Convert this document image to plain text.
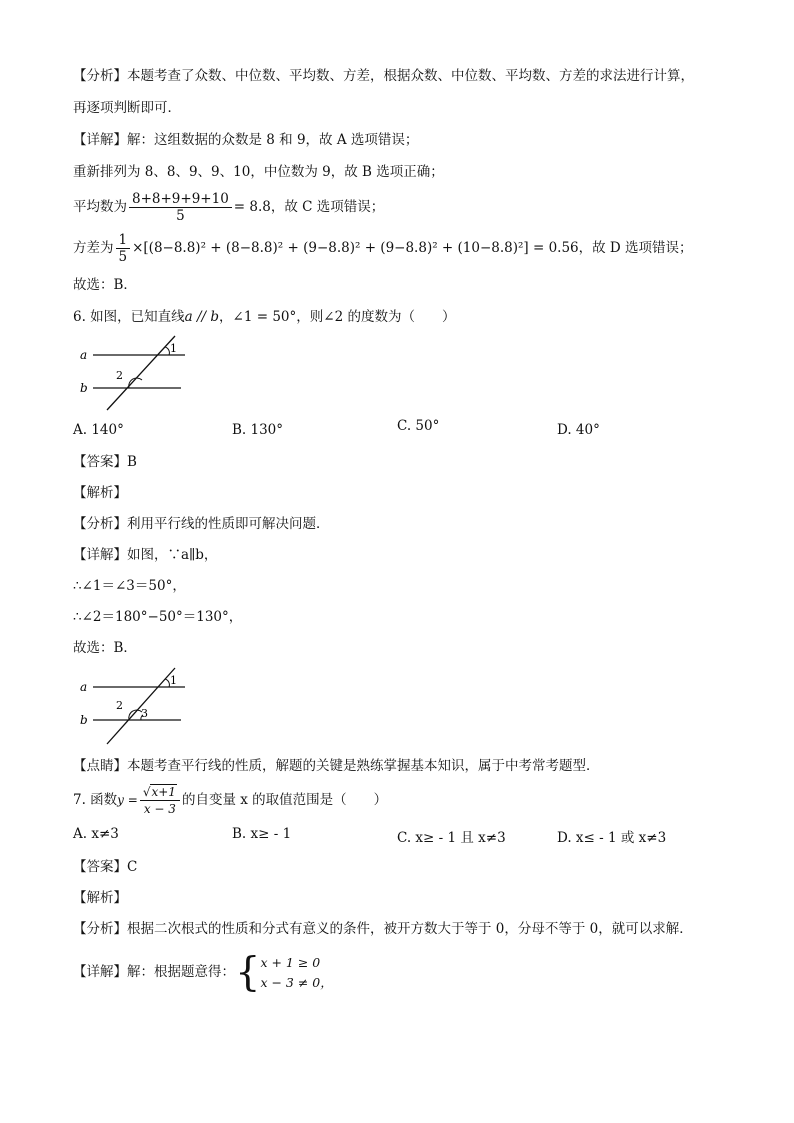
【分析】本题考查了众数、中位数、平均数、方差，根据众数、中位数、平均数、方差的求法进行计算，
再逐项判断即可．
【详解】解：这组数据的众数是 8 和 9，故 A 选项错误；
重新排列为 8、8、9、9、10，中位数为 9，故 B 选项正确；
平均数为 $\frac{8+8+9+9+10}{5} = 8.8$，故 C 选项错误；
方差为 $\frac{1}{5} \times[(8-8.8)^2 + (8-8.8)^2 + (9-8.8)^2 + (9-8.8)^2 + (10-8.8)^2] = 0.56$，故 D 选项错误；
故选：B．
6. 如图，已知直线a // b，∠1 = 50°，则∠2 的度数为（　　）
a
b
1
2
A. 140°	B. 130°	C. 50°	D. 40°
【答案】B
【解析】
【分析】利用平行线的性质即可解决问题．
【详解】如图，∵a∥b，
∴∠1＝∠3＝50°，
∴∠2＝180°−50°＝130°，
故选：B．
a
b
1
2
3
【点睛】本题考查平行线的性质，解题的关键是熟练掌握基本知识，属于中考常考题型．
7. 函数$y = \frac{√x+1}{x - 3}$ 的自变量 x 的取值范围是（　　）
A. x≠3	B. x≥ - 1	C. x≥ - 1 且 x≠3	D. x≤ - 1 或 x≠3
【答案】C
【解析】
【分析】根据二次根式的性质和分式有意义的条件，被开方数大于等于 0，分母不等于 0，就可以求解．
【详解】解：根据题意得：{ x + 1 ≥ 0
x − 3 ≠ 0，
